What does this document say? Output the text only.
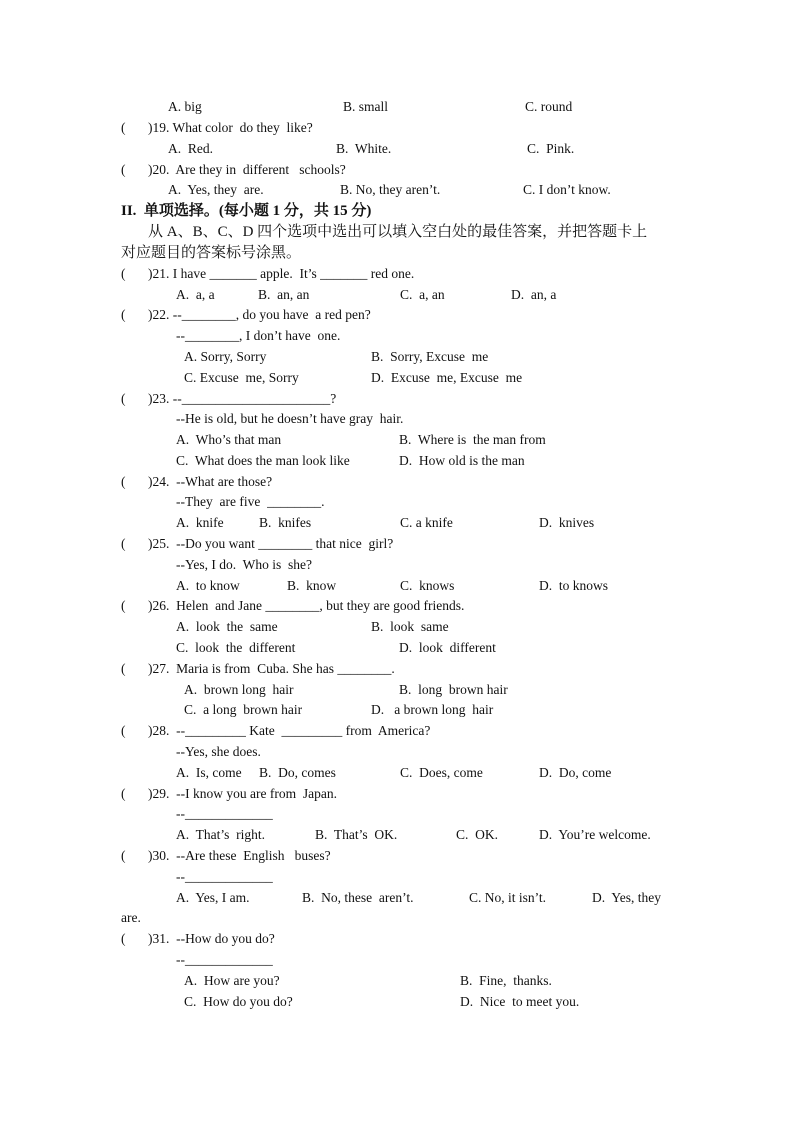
A. big	B. small	C. round
( )19. What color  do they  like?
A.  Red.	B.  White.	C.  Pink.
( )20.  Are they in  different   schools?
A.  Yes, they  are.	B. No, they aren’t.	C. I don’t know.
II.  单项选择。(每小题 1 分，共 15 分)
从 A、B、C、D 四个选项中选出可以填入空白处的最佳答案，并把答题卡上
对应题目的答案标号涂黑。
( )21. I have _______ apple.  It’s _______ red one.
A.  a, a	B.  an, an	C.  a, an	D.  an, a
( )22. --________, do you have  a red pen?
--________, I don’t have  one.
A. Sorry, Sorry	B.  Sorry, Excuse  me
C. Excuse  me, Sorry	D.  Excuse  me, Excuse  me
( )23. --______________________?
--He is old, but he doesn’t have gray  hair.
A.  Who’s that man	B.  Where is  the man from
C.  What does the man look like	D.  How old is the man
( )24.  --What are those?
--They  are five  ________.
A.  knife	B.  knifes	C. a knife	D.  knives
( )25.  --Do you want ________ that nice  girl?
--Yes, I do.  Who is  she?
A.  to know	B.  know	C.  knows	D.  to knows
( )26.  Helen  and Jane ________, but they are good friends.
A.  look  the  same	B.  look  same
C.  look  the  different	D.  look  different
( )27.  Maria is from  Cuba. She has ________.
A.  brown long  hair	B.  long  brown hair
C.  a long  brown hair	D.   a brown long  hair
( )28.  --_________ Kate  _________ from  America?
--Yes, she does.
A.  Is, come B.  Do, comes	C.  Does, come	D.  Do, come
( )29.  --I know you are from  Japan.
--_____________
A.  That’s  right.	B.  That’s  OK.	C.  OK.	D.  You’re welcome.
( )30.  --Are these  English   buses?
--_____________
A.  Yes, I am.	B.  No, these  aren’t.	C. No, it isn’t.	D.  Yes, they
are.
( )31.  --How do you do?
--_____________
A.  How are you?	B.  Fine,  thanks.
C.  How do you do?	D.  Nice  to meet you.
